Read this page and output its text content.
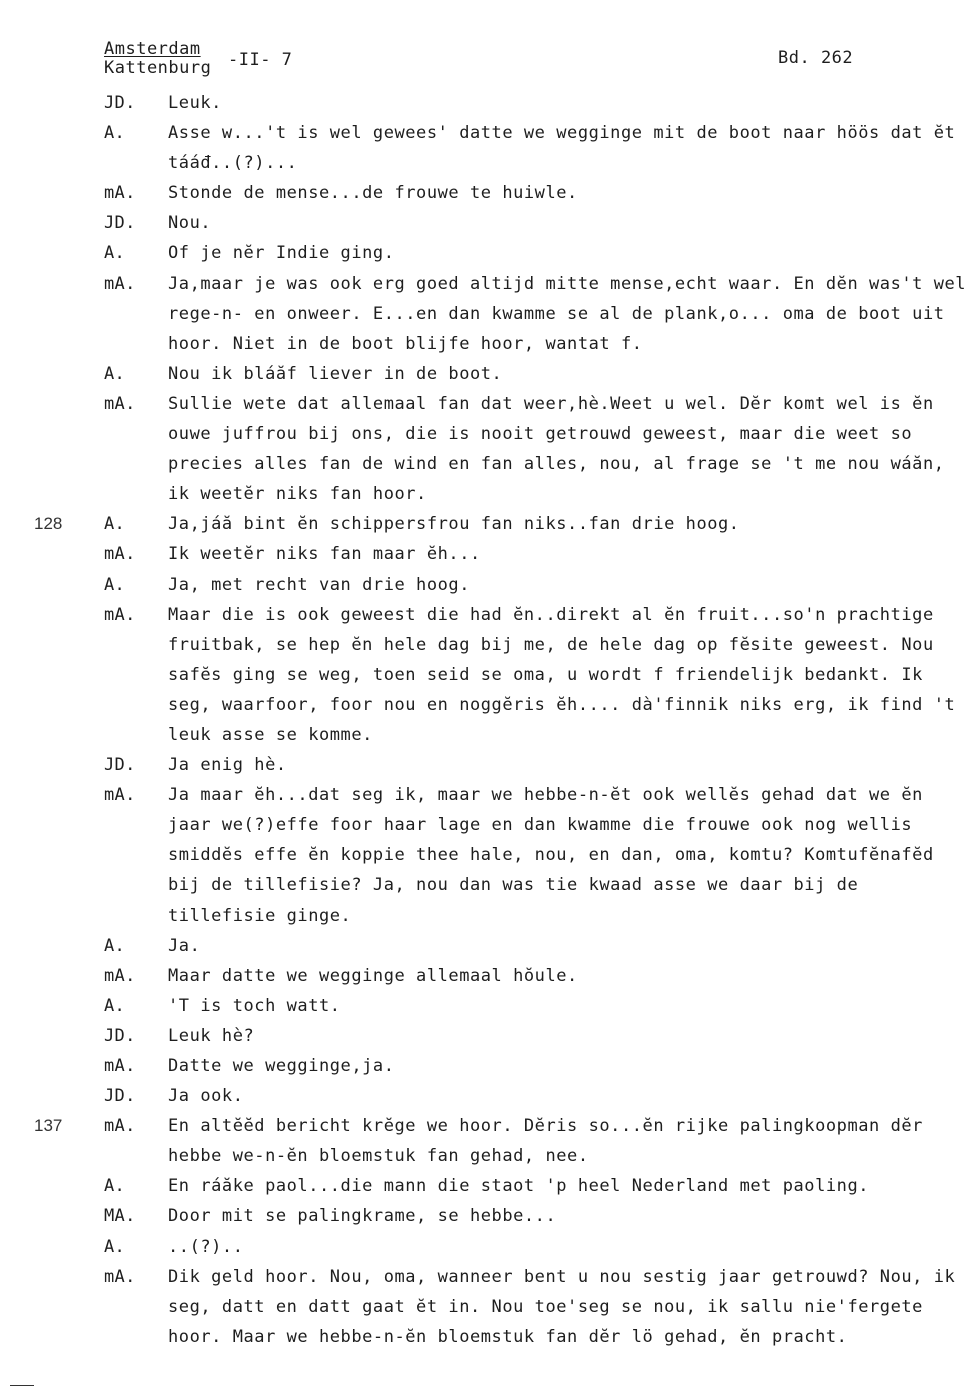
Amsterdam
Kattenburg -II- 7	Bd. 262
JD.	Leuk.
A.	Asse w...'t is wel gewees' datte we wegginge mit de boot naar höös dat ĕt tááđ..(?)...
mA.	Stonde de mense...de frouwe te huiwle.
JD.	Nou.
A.	Of je nĕr Indie ging.
mA.	Ja,maar je was ook erg goed altijd mitte mense,echt waar. En dĕn was't wel rege-n- en onweer. E...en dan kwamme se al de plank,o... oma de boot uit hoor. Niet in de boot blijfe hoor, wantat f.
A.	Nou ik bláăf liever in de boot.
mA.	Sullie wete dat allemaal fan dat weer,hè.Weet u wel. Dĕr komt wel is ĕn ouwe juffrou bij ons, die is nooit getrouwd geweest, maar die weet so precies alles fan de wind en fan alles, nou, al frage se 't me nou wáăn, ik weetĕr niks fan hoor.
128	A.	Ja,jáă bint ĕn schippersfrou fan niks..fan drie hoog.
mA.	Ik weetĕr niks fan maar ĕh...
A.	Ja, met recht van drie hoog.
mA.	Maar die is ook geweest die had ĕn..direkt al ĕn fruit...so'n prachtige fruitbak, se hep ĕn hele dag bij me, de hele dag op fĕsite geweest. Nou safĕs ging se weg, toen seid se oma, u wordt f friendelijk bedankt. Ik seg, waarfoor, foor nou en noggĕris ĕh.... dà'finnik niks erg, ik find 't leuk asse se komme.
JD.	Ja enig hè.
mA.	Ja maar ĕh...dat seg ik, maar we hebbe-n-ĕt ook wellĕs gehad dat we ĕn jaar we(?)effe foor haar lage en dan kwamme die frouwe ook nog wellis smiddĕs effe ĕn koppie thee hale, nou, en dan, oma, komtu? Komtufĕnafĕd bij de tillefisie? Ja, nou dan was tie kwaad asse we daar bij de tillefisie ginge.
A.	Ja.
mA.	Maar datte we wegginge allemaal hŏule.
A.	'T is toch watt.
JD.	Leuk hè?
mA.	Datte we wegginge,ja.
JD.	Ja ook.
137	mA.	En altĕĕd bericht krĕge we hoor. Dĕris so...ĕn rijke palingkoopman dĕr hebbe we-n-ĕn bloemstuk fan gehad, nee.
A.	En ráăke paol...die mann die staot 'p heel Nederland met paoling.
MA.	Door mit se palingkrame, se hebbe...
A.	..(?)..
mA.	Dik geld hoor. Nou, oma, wanneer bent u nou sestig jaar getrouwd? Nou, ik seg, datt en datt gaat ĕt in. Nou toe'seg se nou, ik sallu nie'fergete hoor. Maar we hebbe-n-ĕn bloemstuk fan dĕr lö gehad, ĕn pracht.
